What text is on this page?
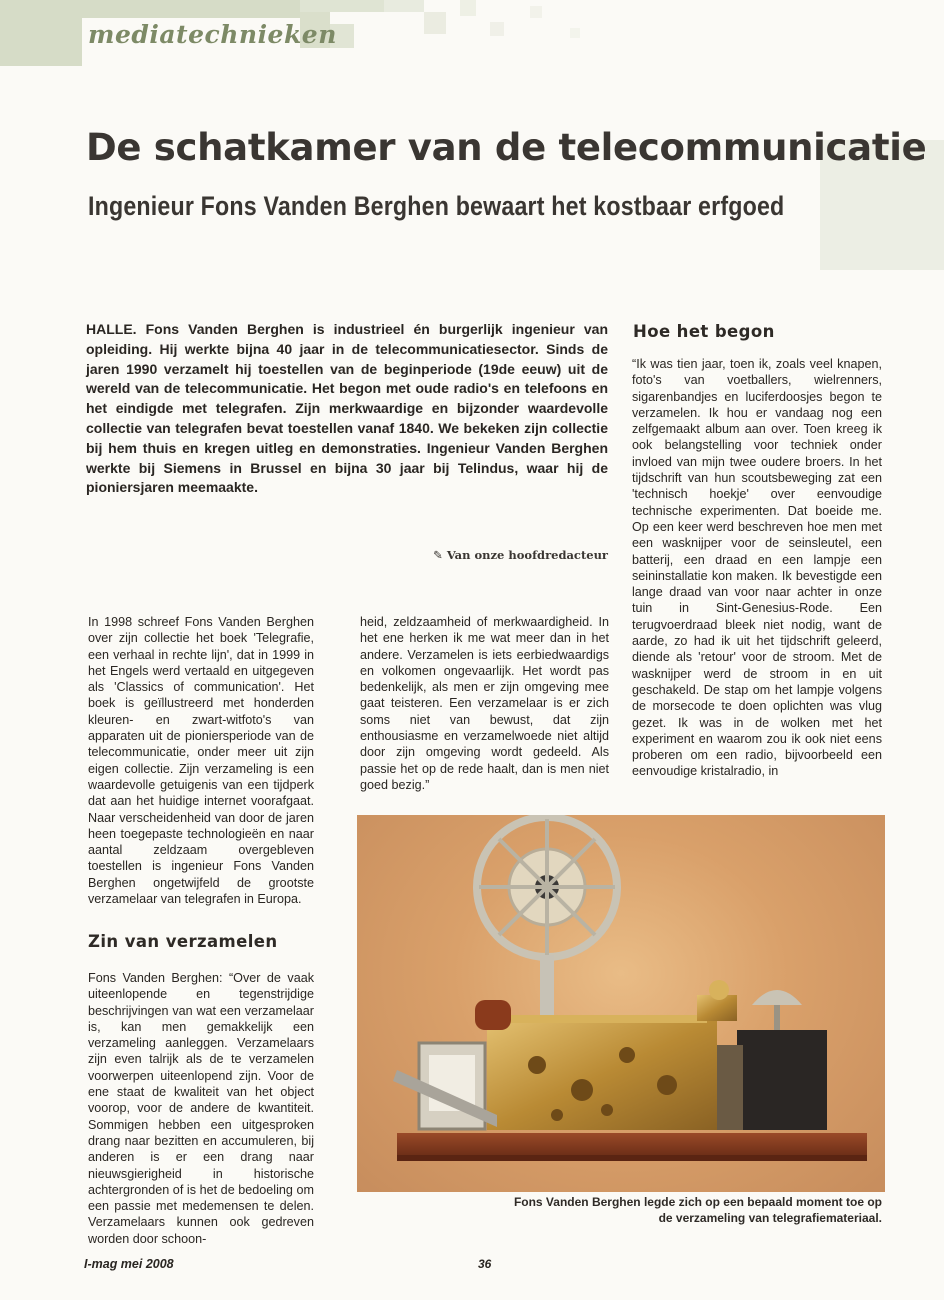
mediatechnieken
De schatkamer van de telecommunicatie
Ingenieur Fons Vanden Berghen bewaart het kostbaar erfgoed

HALLE. Fons Vanden Berghen is industrieel én burgerlijk ingenieur van opleiding. Hij werkte bijna 40 jaar in de telecommunicatiesector. Sinds de jaren 1990 verzamelt hij toestellen van de beginperiode (19de eeuw) uit de wereld van de telecommunicatie. Het begon met oude radio's en telefoons en het eindigde met telegrafen. Zijn merkwaardige en bijzonder waardevolle collectie van telegrafen bevat toestellen vanaf 1840. We bekeken zijn collectie bij hem thuis en kregen uitleg en demonstraties. Ingenieur Vanden Berghen werkte bij Siemens in Brussel en bijna 30 jaar bij Telindus, waar hij de pioniersjaren meemaakte.

✎ Van onze hoofdredacteur

In 1998 schreef Fons Vanden Berghen over zijn collectie het boek 'Telegrafie, een verhaal in rechte lijn', dat in 1999 in het Engels werd vertaald en uitgegeven als 'Classics of communication'. Het boek is geïllustreerd met honderden kleuren- en zwart-witfoto's van apparaten uit de pioniersperiode van de telecommunicatie, onder meer uit zijn eigen collectie. Zijn verzameling is een waardevolle getuigenis van een tijdperk dat aan het huidige internet voorafgaat. Naar verscheidenheid van door de jaren heen toegepaste technologieën en naar aantal zeldzaam overgebleven toestellen is ingenieur Fons Vanden Berghen ongetwijfeld de grootste verzamelaar van telegrafen in Europa.

Zin van verzamelen

Fons Vanden Berghen: “Over de vaak uiteenlopende en tegenstrijdige beschrijvingen van wat een verzamelaar is, kan men gemakkelijk een verzameling aanleggen. Verzamelaars zijn even talrijk als de te verzamelen voorwerpen uiteenlopend zijn. Voor de ene staat de kwaliteit van het object voorop, voor de andere de kwantiteit. Sommigen hebben een uitgesproken drang naar bezitten en accumuleren, bij anderen is er een drang naar nieuwsgierigheid in historische achtergronden of is het de bedoeling om een passie met medemensen te delen. Verzamelaars kunnen ook gedreven worden door schoon-

heid, zeldzaamheid of merkwaardigheid. In het ene herken ik me wat meer dan in het andere. Verzamelen is iets eerbiedwaardigs en volkomen ongevaarlijk. Het wordt pas bedenkelijk, als men er zijn omgeving mee gaat teisteren. Een verzamelaar is er zich soms niet van bewust, dat zijn enthousiasme en verzamelwoede niet altijd door zijn omgeving wordt gedeeld. Als passie het op de rede haalt, dan is men niet goed bezig.”

Hoe het begon

“Ik was tien jaar, toen ik, zoals veel knapen, foto's van voetballers, wielrenners, sigarenbandjes en luciferdoosjes begon te verzamelen. Ik hou er vandaag nog een zelfgemaakt album aan over. Toen kreeg ik ook belangstelling voor techniek onder invloed van mijn twee oudere broers. In het tijdschrift van hun scoutsbeweging zat een 'technisch hoekje' over eenvoudige technische experimenten. Dat boeide me. Op een keer werd beschreven hoe men met een wasknijper voor de seinsleutel, een batterij, een draad en een lampje een seininstallatie kon maken. Ik bevestigde een lange draad van voor naar achter in onze tuin in Sint-Genesius-Rode. Een terugvoerdraad bleek niet nodig, want de aarde, zo had ik uit het tijdschrift geleerd, diende als 'retour' voor de stroom. Met de wasknijper werd de stroom in en uit geschakeld. De stap om het lampje volgens de morsecode te doen oplichten was vlug gezet. Ik was in de wolken met het experiment en waarom zou ik ook niet eens proberen om een radio, bijvoorbeeld een eenvoudige kristalradio, in

Fons Vanden Berghen legde zich op een bepaald moment toe op de verzameling van telegrafiemateriaal.

I-mag mei 2008	36
